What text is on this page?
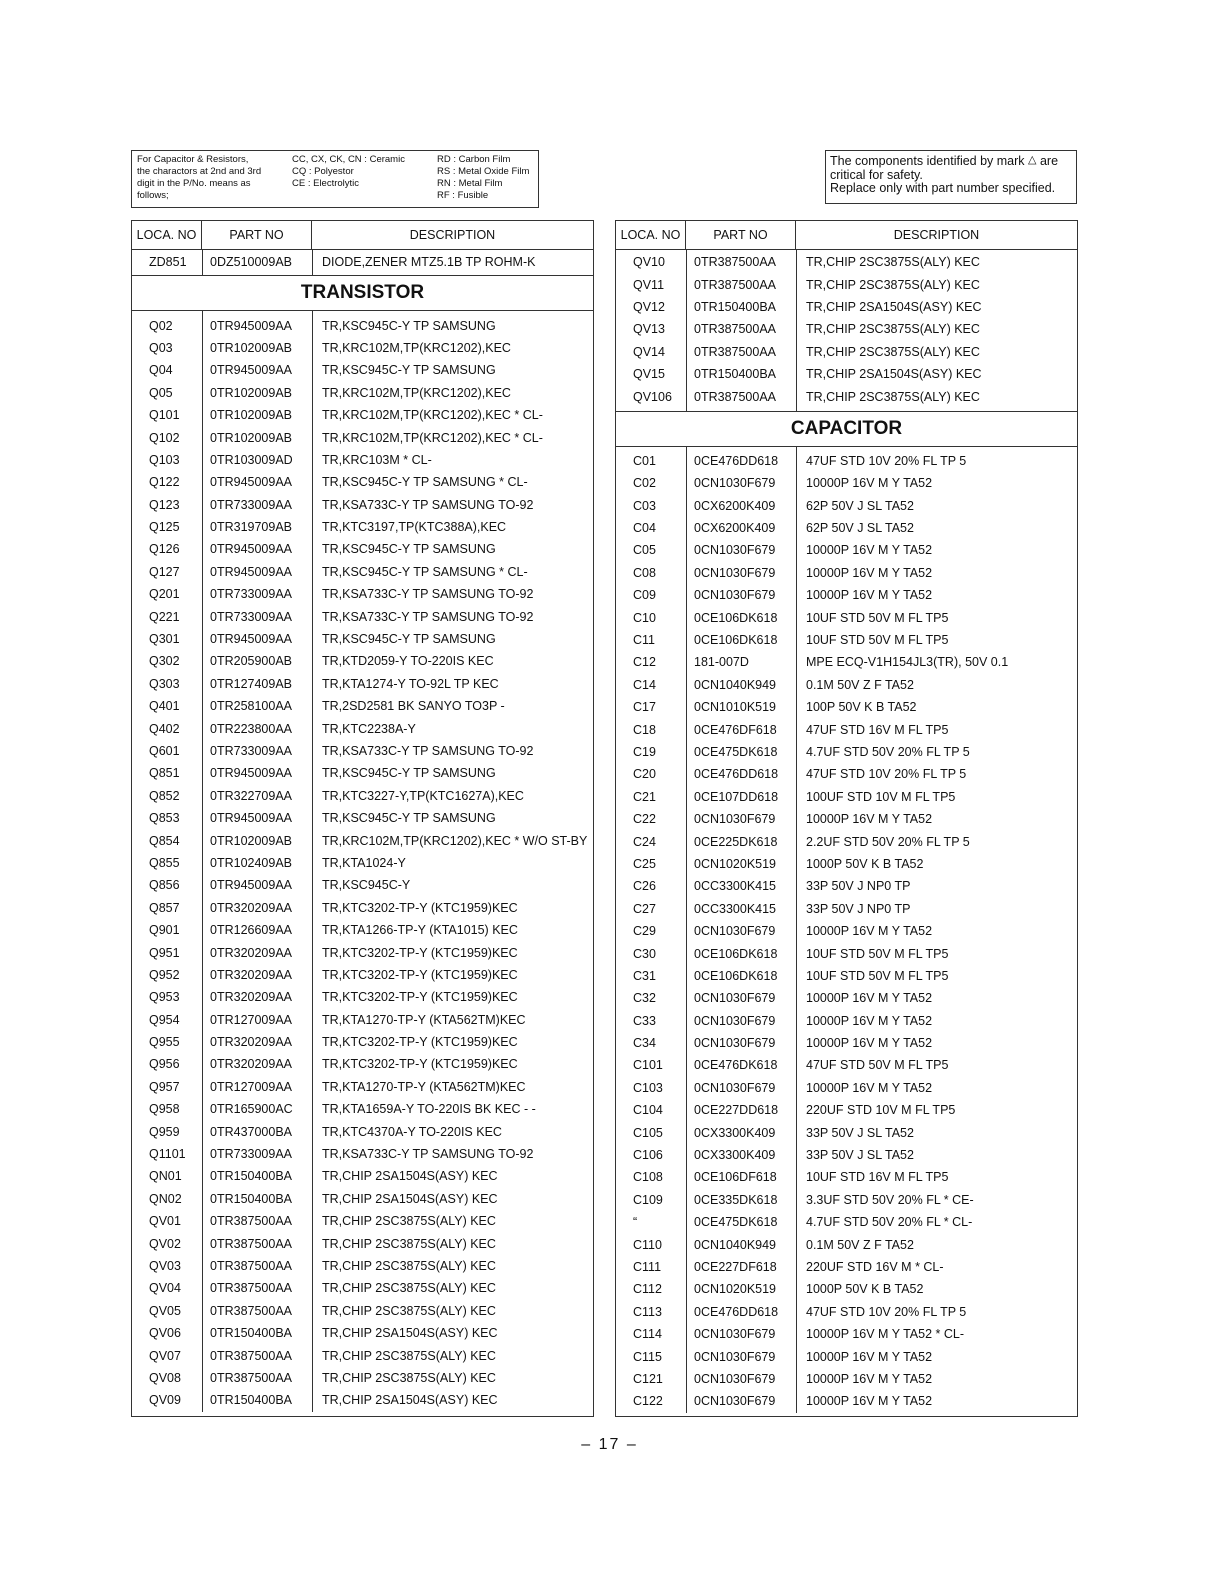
For Capacitor & Resistors,
the charactors at 2nd and 3rd
digit in the P/No. means as
follows;
CC, CX, CK, CN : Ceramic
CQ : Polyestor
CE : Electrolytic
RD : Carbon Film
RS : Metal Oxide Film
RN : Metal Film
RF : Fusible
The components identified by mark △ are critical for safety.
Replace only with part number specified.
LOCA. NO	PART NO	DESCRIPTION
ZD851	0DZ510009AB	DIODE,ZENER MTZ5.1B TP ROHM-K
TRANSISTOR
Q02	0TR945009AA	TR,KSC945C-Y TP SAMSUNG
Q03	0TR102009AB	TR,KRC102M,TP(KRC1202),KEC
Q04	0TR945009AA	TR,KSC945C-Y TP SAMSUNG
Q05	0TR102009AB	TR,KRC102M,TP(KRC1202),KEC
Q101	0TR102009AB	TR,KRC102M,TP(KRC1202),KEC * CL-
Q102	0TR102009AB	TR,KRC102M,TP(KRC1202),KEC * CL-
Q103	0TR103009AD	TR,KRC103M * CL-
Q122	0TR945009AA	TR,KSC945C-Y TP SAMSUNG * CL-
Q123	0TR733009AA	TR,KSA733C-Y TP SAMSUNG TO-92
Q125	0TR319709AB	TR,KTC3197,TP(KTC388A),KEC
Q126	0TR945009AA	TR,KSC945C-Y TP SAMSUNG
Q127	0TR945009AA	TR,KSC945C-Y TP SAMSUNG * CL-
Q201	0TR733009AA	TR,KSA733C-Y TP SAMSUNG TO-92
Q221	0TR733009AA	TR,KSA733C-Y TP SAMSUNG TO-92
Q301	0TR945009AA	TR,KSC945C-Y TP SAMSUNG
Q302	0TR205900AB	TR,KTD2059-Y TO-220IS KEC
Q303	0TR127409AB	TR,KTA1274-Y TO-92L TP KEC
Q401	0TR258100AA	TR,2SD2581 BK SANYO TO3P -
Q402	0TR223800AA	TR,KTC2238A-Y
Q601	0TR733009AA	TR,KSA733C-Y TP SAMSUNG TO-92
Q851	0TR945009AA	TR,KSC945C-Y TP SAMSUNG
Q852	0TR322709AA	TR,KTC3227-Y,TP(KTC1627A),KEC
Q853	0TR945009AA	TR,KSC945C-Y TP SAMSUNG
Q854	0TR102009AB	TR,KRC102M,TP(KRC1202),KEC * W/O ST-BY
Q855	0TR102409AB	TR,KTA1024-Y
Q856	0TR945009AA	TR,KSC945C-Y
Q857	0TR320209AA	TR,KTC3202-TP-Y (KTC1959)KEC
Q901	0TR126609AA	TR,KTA1266-TP-Y (KTA1015) KEC
Q951	0TR320209AA	TR,KTC3202-TP-Y (KTC1959)KEC
Q952	0TR320209AA	TR,KTC3202-TP-Y (KTC1959)KEC
Q953	0TR320209AA	TR,KTC3202-TP-Y (KTC1959)KEC
Q954	0TR127009AA	TR,KTA1270-TP-Y (KTA562TM)KEC
Q955	0TR320209AA	TR,KTC3202-TP-Y (KTC1959)KEC
Q956	0TR320209AA	TR,KTC3202-TP-Y (KTC1959)KEC
Q957	0TR127009AA	TR,KTA1270-TP-Y (KTA562TM)KEC
Q958	0TR165900AC	TR,KTA1659A-Y TO-220IS BK KEC - -
Q959	0TR437000BA	TR,KTC4370A-Y TO-220IS KEC
Q1101	0TR733009AA	TR,KSA733C-Y TP SAMSUNG TO-92
QN01	0TR150400BA	TR,CHIP 2SA1504S(ASY) KEC
QN02	0TR150400BA	TR,CHIP 2SA1504S(ASY) KEC
QV01	0TR387500AA	TR,CHIP 2SC3875S(ALY) KEC
QV02	0TR387500AA	TR,CHIP 2SC3875S(ALY) KEC
QV03	0TR387500AA	TR,CHIP 2SC3875S(ALY) KEC
QV04	0TR387500AA	TR,CHIP 2SC3875S(ALY) KEC
QV05	0TR387500AA	TR,CHIP 2SC3875S(ALY) KEC
QV06	0TR150400BA	TR,CHIP 2SA1504S(ASY) KEC
QV07	0TR387500AA	TR,CHIP 2SC3875S(ALY) KEC
QV08	0TR387500AA	TR,CHIP 2SC3875S(ALY) KEC
QV09	0TR150400BA	TR,CHIP 2SA1504S(ASY) KEC
LOCA. NO	PART NO	DESCRIPTION
QV10	0TR387500AA	TR,CHIP 2SC3875S(ALY) KEC
QV11	0TR387500AA	TR,CHIP 2SC3875S(ALY) KEC
QV12	0TR150400BA	TR,CHIP 2SA1504S(ASY) KEC
QV13	0TR387500AA	TR,CHIP 2SC3875S(ALY) KEC
QV14	0TR387500AA	TR,CHIP 2SC3875S(ALY) KEC
QV15	0TR150400BA	TR,CHIP 2SA1504S(ASY) KEC
QV106	0TR387500AA	TR,CHIP 2SC3875S(ALY) KEC
CAPACITOR
C01	0CE476DD618	47UF STD 10V 20% FL TP 5
C02	0CN1030F679	10000P 16V M Y TA52
C03	0CX6200K409	62P 50V J SL TA52
C04	0CX6200K409	62P 50V J SL TA52
C05	0CN1030F679	10000P 16V M Y TA52
C08	0CN1030F679	10000P 16V M Y TA52
C09	0CN1030F679	10000P 16V M Y TA52
C10	0CE106DK618	10UF STD 50V M FL TP5
C11	0CE106DK618	10UF STD 50V M FL TP5
C12	181-007D	MPE ECQ-V1H154JL3(TR), 50V 0.1
C14	0CN1040K949	0.1M 50V Z F TA52
C17	0CN1010K519	100P 50V K B TA52
C18	0CE476DF618	47UF STD 16V M FL TP5
C19	0CE475DK618	4.7UF STD 50V 20% FL TP 5
C20	0CE476DD618	47UF STD 10V 20% FL TP 5
C21	0CE107DD618	100UF STD 10V M FL TP5
C22	0CN1030F679	10000P 16V M Y TA52
C24	0CE225DK618	2.2UF STD 50V 20% FL TP 5
C25	0CN1020K519	1000P 50V K B TA52
C26	0CC3300K415	33P 50V J NP0 TP
C27	0CC3300K415	33P 50V J NP0 TP
C29	0CN1030F679	10000P 16V M Y TA52
C30	0CE106DK618	10UF STD 50V M FL TP5
C31	0CE106DK618	10UF STD 50V M FL TP5
C32	0CN1030F679	10000P 16V M Y TA52
C33	0CN1030F679	10000P 16V M Y TA52
C34	0CN1030F679	10000P 16V M Y TA52
C101	0CE476DK618	47UF STD 50V M FL TP5
C103	0CN1030F679	10000P 16V M Y TA52
C104	0CE227DD618	220UF STD 10V M FL TP5
C105	0CX3300K409	33P 50V J SL TA52
C106	0CX3300K409	33P 50V J SL TA52
C108	0CE106DF618	10UF STD 16V M FL TP5
C109	0CE335DK618	3.3UF STD 50V 20% FL * CE-
“	0CE475DK618	4.7UF STD 50V 20% FL * CL-
C110	0CN1040K949	0.1M 50V Z F TA52
C111	0CE227DF618	220UF STD 16V M * CL-
C112	0CN1020K519	1000P 50V K B TA52
C113	0CE476DD618	47UF STD 10V 20% FL TP 5
C114	0CN1030F679	10000P 16V M Y TA52 * CL-
C115	0CN1030F679	10000P 16V M Y TA52
C121	0CN1030F679	10000P 16V M Y TA52
C122	0CN1030F679	10000P 16V M Y TA52
– 17 –
